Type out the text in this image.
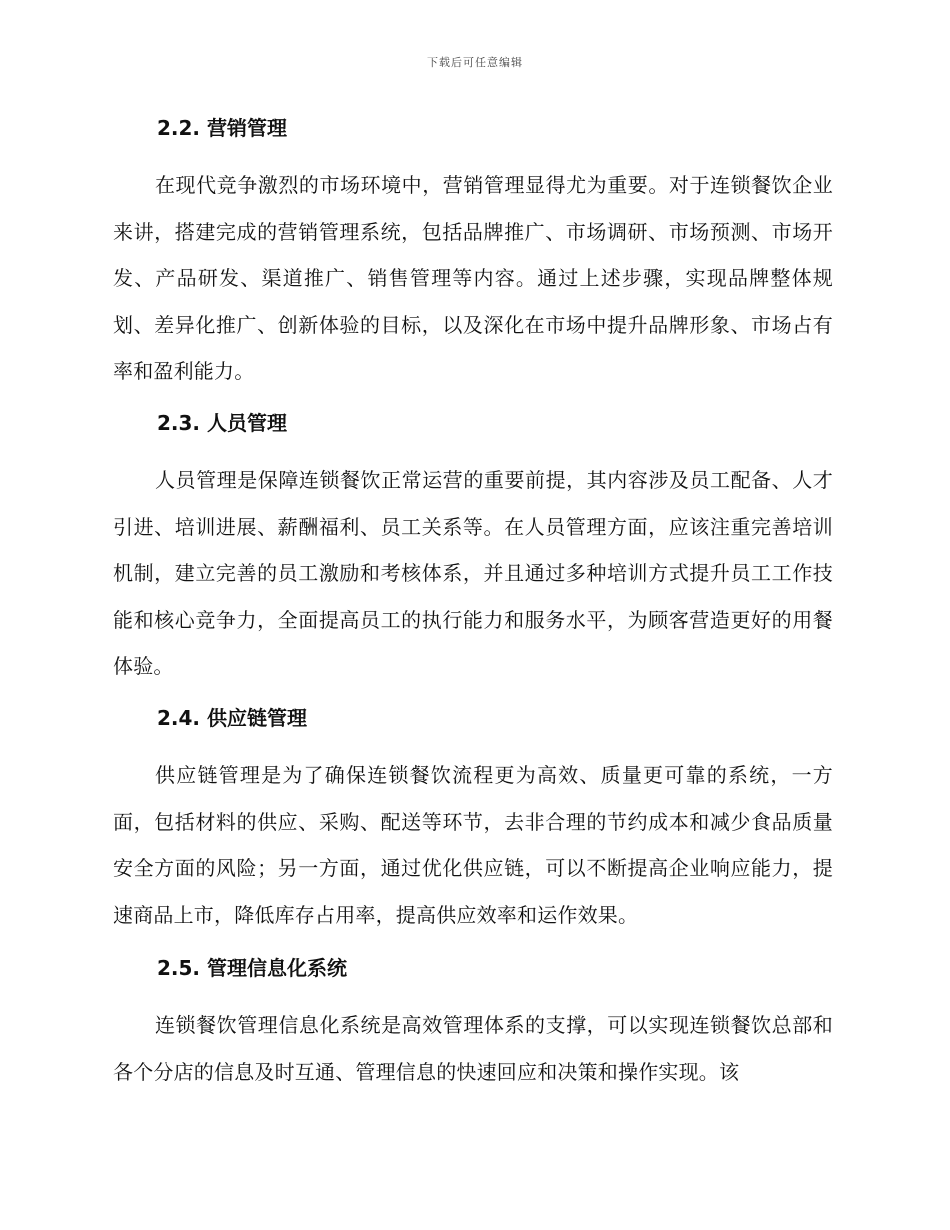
下载后可任意编辑
2.2. 营销管理
在现代竞争激烈的市场环境中，营销管理显得尤为重要。对于连锁餐饮企业来讲，搭建完成的营销管理系统，包括品牌推广、市场调研、市场预测、市场开发、产品研发、渠道推广、销售管理等内容。通过上述步骤，实现品牌整体规划、差异化推广、创新体验的目标，以及深化在市场中提升品牌形象、市场占有率和盈利能力。
2.3. 人员管理
人员管理是保障连锁餐饮正常运营的重要前提，其内容涉及员工配备、人才引进、培训进展、薪酬福利、员工关系等。在人员管理方面，应该注重完善培训机制，建立完善的员工激励和考核体系，并且通过多种培训方式提升员工工作技能和核心竞争力，全面提高员工的执行能力和服务水平，为顾客营造更好的用餐体验。
2.4. 供应链管理
供应链管理是为了确保连锁餐饮流程更为高效、质量更可靠的系统，一方面，包括材料的供应、采购、配送等环节，去非合理的节约成本和减少食品质量安全方面的风险；另一方面，通过优化供应链，可以不断提高企业响应能力，提速商品上市，降低库存占用率，提高供应效率和运作效果。
2.5. 管理信息化系统
连锁餐饮管理信息化系统是高效管理体系的支撑，可以实现连锁餐饮总部和各个分店的信息及时互通、管理信息的快速回应和决策和操作实现。该
